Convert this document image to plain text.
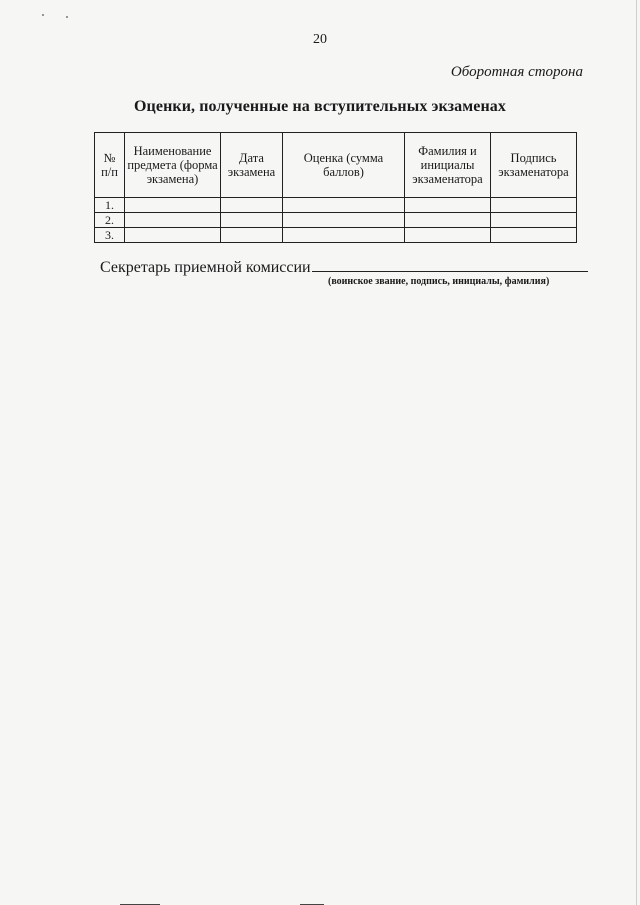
20
Оборотная сторона
Оценки, полученные на вступительных экзаменах
№ п/п	Наименование предмета (форма экзамена)	Дата экзамена	Оценка (сумма баллов)	Фамилия и инициалы экзаменатора	Подпись экзаменатора
1.					
2.					
3.					
Секретарь приемной комиссии
(воинское звание, подпись, инициалы, фамилия)
